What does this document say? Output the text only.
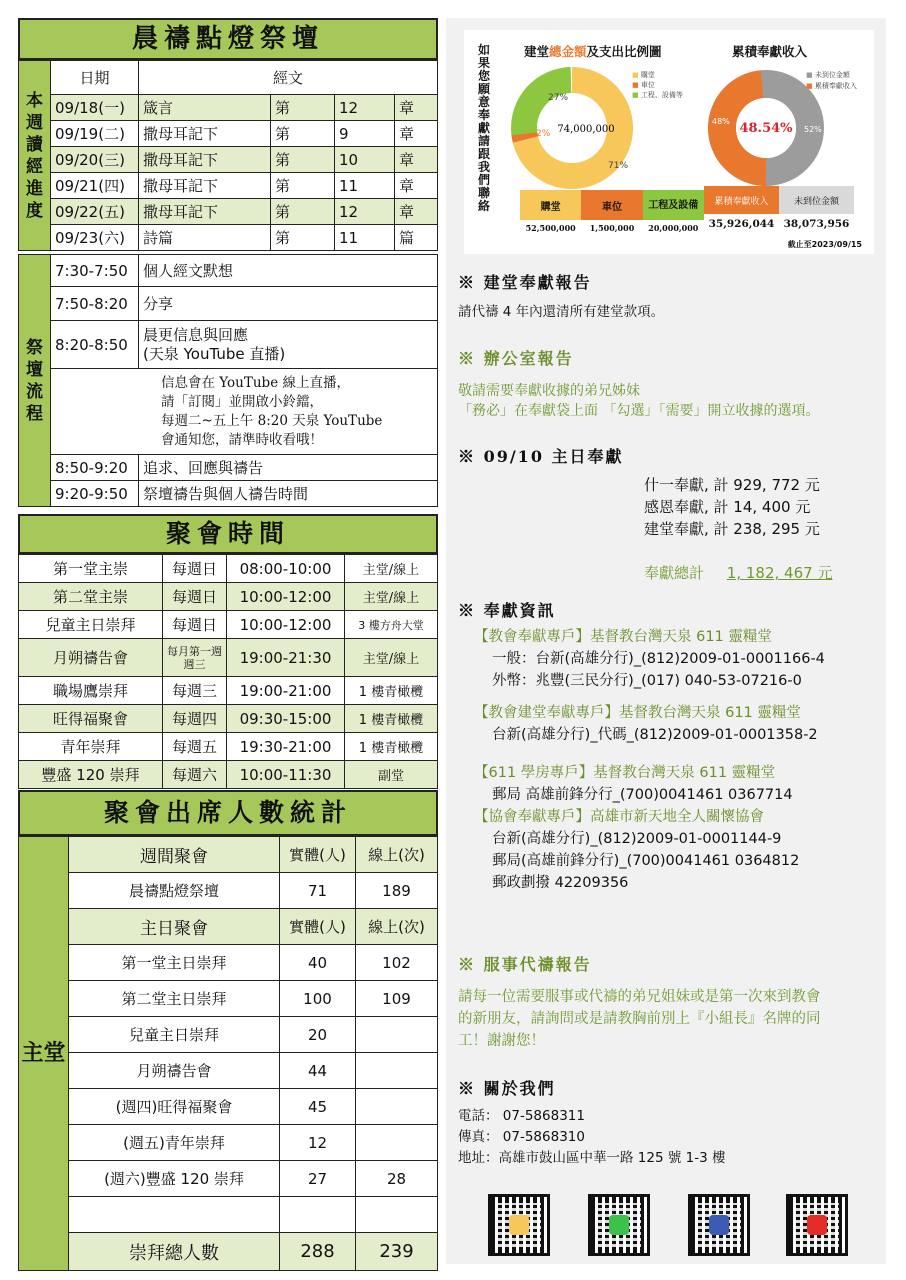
晨禱點燈祭壇
本週讀經進度	日期	經文			
	09/18(一)	箴言	第	12	章
	09/19(二)	撒母耳記下	第	9	章
	09/20(三)	撒母耳記下	第	10	章
	09/21(四)	撒母耳記下	第	11	章
	09/22(五)	撒母耳記下	第	12	章
	09/23(六)	詩篇	第	11	篇
祭壇流程	7:30-7:50	個人經文默想
	7:50-8:20	分享
	8:20-8:50	晨更信息與回應
(天泉 YouTube 直播)

	信息會在 YouTube 線上直播，
請「訂閱」並開啟小鈴鐺，
每週二~五上午 8:20 天泉 YouTube
會通知您，請準時收看哦！	

	8:50-9:20	追求、回應與禱告
	9:20-9:50	祭壇禱告與個人禱告時間
聚會時間
第一堂主崇	每週日	08:00-10:00	主堂/線上
第二堂主崇	每週日	10:00-12:00	主堂/線上
兒童主日崇拜	每週日	10:00-12:00	3 樓方舟大堂
月朔禱告會	每月第一週週三	19:00-21:30	主堂/線上
職場鷹崇拜	每週三	19:00-21:00	1 樓青橄欖
旺得福聚會	每週四	09:30-15:00	1 樓青橄欖
青年崇拜	每週五	19:30-21:00	1 樓青橄欖
豐盛 120 崇拜	每週六	10:00-11:30	副堂
聚會出席人數統計
主堂	週間聚會	實體(人)	線上(次)
	晨禱點燈祭壇	71	189
	主日聚會	實體(人)	線上(次)
	第一堂主日崇拜	40	102
	第二堂主日崇拜	100	109
	兒童主日崇拜	20	
	月朔禱告會	44	
	(週四)旺得福聚會	45	
	(週五)青年崇拜	12	
	(週六)豐盛 120 崇拜	27	28

	崇拜總人數	288	239
如果您願意奉獻請跟我們聯絡
建堂總金額及支出比例圖
74,000,000
27%
2%
71%
■ 購堂
■ 車位
■ 工程、設備等
購堂	車位	工程及設備
52,500,000	1,500,000	20,000,000
累積奉獻收入
48.54%
48%
52%
■ 未到位金額
■ 累積奉獻收入
累積奉獻收入	未到位金額
35,926,044 38,073,956
截止至2023/09/15
※ 建堂奉獻報告
請代禱 4 年內還清所有建堂款項。
※ 辦公室報告
敬請需要奉獻收據的弟兄姊妹
「務必」在奉獻袋上面 「勾選」「需要」開立收據的選項。
※ 09/10 主日奉獻
什一奉獻, 計 929, 772 元
感恩奉獻, 計 14, 400 元
建堂奉獻, 計 238, 295 元
奉獻總計 1, 182, 467 元
※ 奉獻資訊
【教會奉獻專戶】基督教台灣天泉 611 靈糧堂
一般：台新(高雄分行)_(812)2009-01-0001166-4
外幣：兆豐(三民分行)_(017) 040-53-07216-0
【教會建堂奉獻專戶】基督教台灣天泉 611 靈糧堂
台新(高雄分行)_代碼_(812)2009-01-0001358-2
【611 學房專戶】基督教台灣天泉 611 靈糧堂
郵局 高雄前鋒分行_(700)0041461 0367714
【協會奉獻專戶】高雄市新天地全人關懷協會
台新(高雄分行)_(812)2009-01-0001144-9
郵局(高雄前鋒分行)_(700)0041461 0364812
郵政劃撥 42209356
※ 服事代禱報告
請每一位需要服事或代禱的弟兄姐妹或是第一次來到教會
的新朋友，請詢問或是請教胸前別上『小組長』名牌的同
工！謝謝您！
※ 關於我們
電話： 07-5868311
傳真： 07-5868310
地址：高雄市鼓山區中華一路 125 號 1-3 樓
